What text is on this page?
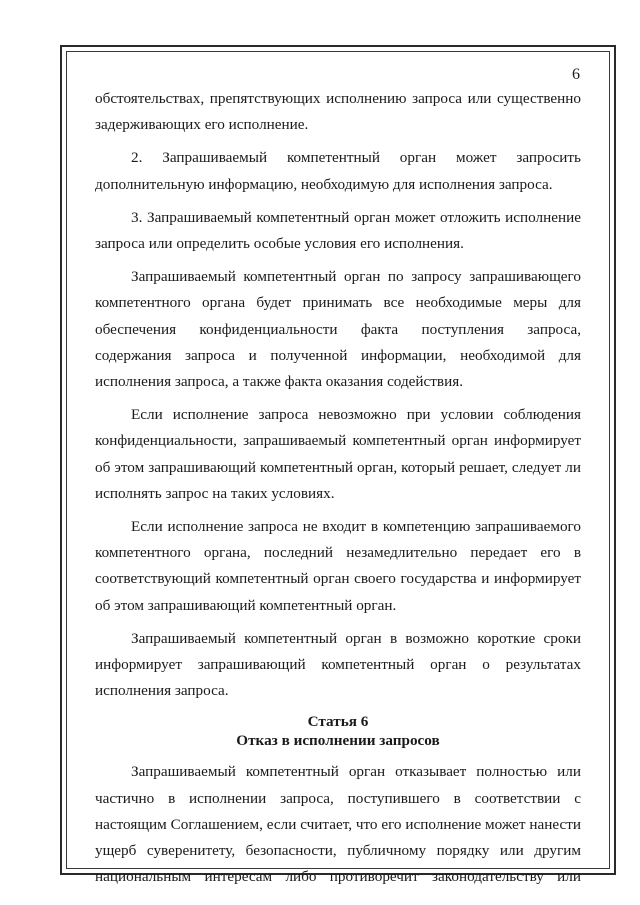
6

обстоятельствах, препятствующих исполнению запроса или существенно задерживающих его исполнение.

2. Запрашиваемый компетентный орган может запросить дополнительную информацию, необходимую для исполнения запроса.

3. Запрашиваемый компетентный орган может отложить исполнение запроса или определить особые условия его исполнения.

Запрашиваемый компетентный орган по запросу запрашивающего компетентного органа будет принимать все необходимые меры для обеспечения конфиденциальности факта поступления запроса, содержания запроса и полученной информации, необходимой для исполнения запроса, а также факта оказания содействия.

Если исполнение запроса невозможно при условии соблюдения конфиденциальности, запрашиваемый компетентный орган информирует об этом запрашивающий компетентный орган, который решает, следует ли исполнять запрос на таких условиях.

Если исполнение запроса не входит в компетенцию запрашиваемого компетентного органа, последний незамедлительно передает его в соответствующий компетентный орган своего государства и информирует об этом запрашивающий компетентный орган.

Запрашиваемый компетентный орган в возможно короткие сроки информирует запрашивающий компетентный орган о результатах исполнения запроса.

Статья 6
Отказ в исполнении запросов

Запрашиваемый компетентный орган отказывает полностью или частично в исполнении запроса, поступившего в соответствии с настоящим Соглашением, если считает, что его исполнение может нанести ущерб суверенитету, безопасности, публичному порядку или другим национальным интересам либо противоречит законодательству или
